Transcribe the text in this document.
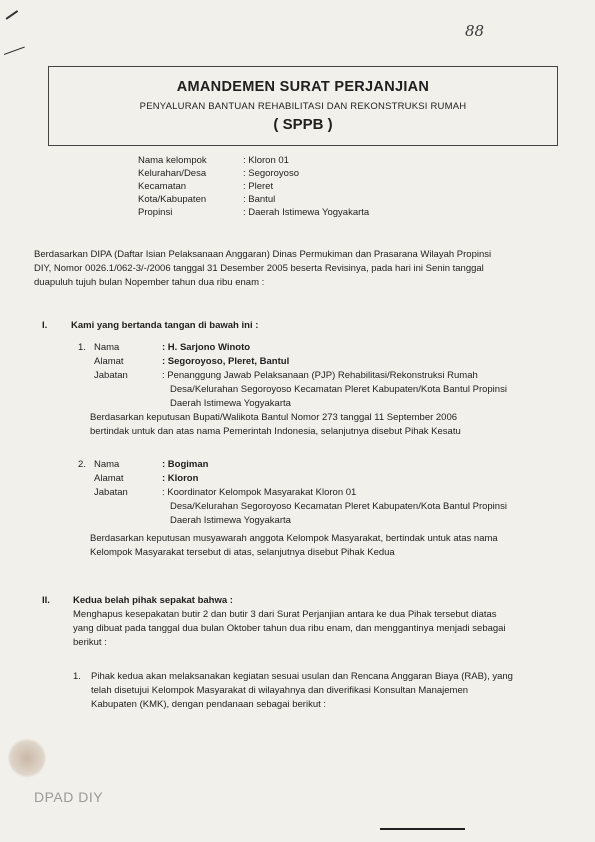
88
AMANDEMEN SURAT PERJANJIAN
PENYALURAN BANTUAN REHABILITASI DAN REKONSTRUKSI RUMAH
( SPPB )
Nama kelompok	: Kloron 01
Kelurahan/Desa	: Segoroyoso
Kecamatan	: Pleret
Kota/Kabupaten	: Bantul
Propinsi	: Daerah Istimewa Yogyakarta
Berdasarkan DIPA (Daftar Isian Pelaksanaan Anggaran) Dinas Permukiman dan Prasarana Wilayah Propinsi
DIY, Nomor 0026.1/062-3/-/2006 tanggal 31 Desember 2005 beserta Revisinya, pada hari ini Senin tanggal
duapuluh tujuh bulan Nopember tahun dua ribu enam :
I. Kami yang bertanda tangan di bawah ini :
1. Nama	: H. Sarjono Winoto
Alamat	: Segoroyoso, Pleret, Bantul
Jabatan	: Penanggung Jawab Pelaksanaan (PJP) Rehabilitasi/Rekonstruksi Rumah
Desa/Kelurahan Segoroyoso Kecamatan Pleret Kabupaten/Kota Bantul Propinsi
Daerah Istimewa Yogyakarta
Berdasarkan keputusan Bupati/Walikota Bantul Nomor 273 tanggal 11 September 2006
bertindak untuk dan atas nama Pemerintah Indonesia, selanjutnya disebut Pihak Kesatu
2. Nama	: Bogiman
Alamat	: Kloron
Jabatan	: Koordinator Kelompok Masyarakat Kloron 01
Desa/Kelurahan Segoroyoso Kecamatan Pleret Kabupaten/Kota Bantul Propinsi
Daerah Istimewa Yogyakarta
Berdasarkan keputusan musyawarah anggota Kelompok Masyarakat, bertindak untuk atas nama
Kelompok Masyarakat tersebut di atas, selanjutnya disebut Pihak Kedua
II. Kedua belah pihak sepakat bahwa :
Menghapus kesepakatan butir 2 dan butir 3 dari Surat Perjanjian antara ke dua Pihak tersebut diatas
yang dibuat pada tanggal dua bulan Oktober tahun dua ribu enam, dan menggantinya menjadi sebagai
berikut :
1. Pihak kedua akan melaksanakan kegiatan sesuai usulan dan Rencana Anggaran Biaya (RAB), yang
telah disetujui Kelompok Masyarakat di wilayahnya dan diverifikasi Konsultan Manajemen
Kabupaten (KMK), dengan pendanaan sebagai berikut :
DPAD DIY
